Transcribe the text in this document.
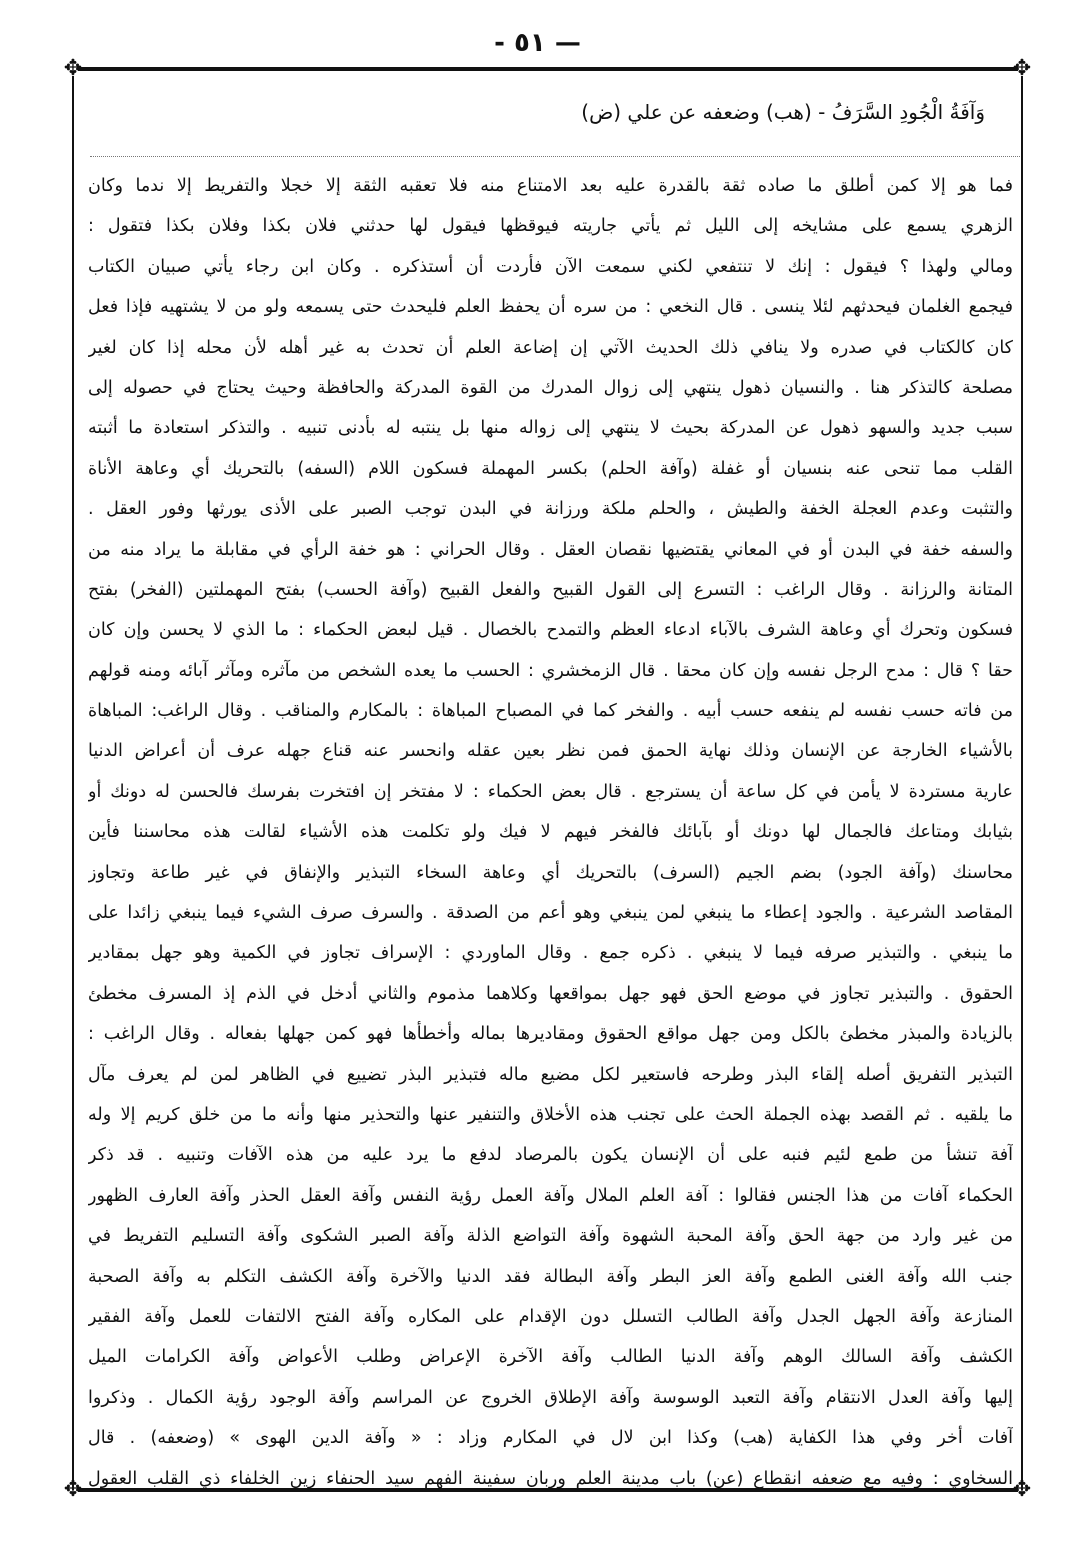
— ٥١ -
✥	✥
✥	✥
وَآفَةُ الْجُودِ السَّرَفُ - (هب) وضعفه عن علي (ض)
فما هو إلا كمن أطلق ما صاده ثقة بالقدرة عليه بعد الامتناع منه فلا تعقبه الثقة إلا خجلا والتفريط إلا ندما وكان
الزهري يسمع على مشايخه إلى الليل ثم يأتي جاريته فيوقظها فيقول لها حدثني فلان بكذا وفلان بكذا فتقول :
ومالي ولهذا ؟ فيقول : إنك لا تنتفعي لكني سمعت الآن فأردت أن أستذكره . وكان ابن رجاء يأتي صبيان الكتاب
فيجمع الغلمان فيحدثهم لئلا ينسى . قال النخعي : من سره أن يحفظ العلم فليحدث حتى يسمعه ولو من لا يشتهيه فإذا فعل
كان كالكتاب في صدره ولا ينافي ذلك الحديث الآتي إن إضاعة العلم أن تحدث به غير أهله لأن محله إذا كان لغير
مصلحة كالتذكر هنا . والنسيان ذهول ينتهي إلى زوال المدرك من القوة المدركة والحافظة وحيث يحتاج في حصوله إلى
سبب جديد والسهو ذهول عن المدركة بحيث لا ينتهي إلى زواله منها بل ينتبه له بأدنى تنبيه . والتذكر استعادة ما أثبته
القلب مما تنحى عنه بنسيان أو غفلة (وآفة الحلم) بكسر المهملة فسكون اللام (السفه) بالتحريك أي وعاهة الأناة
والتثبت وعدم العجلة الخفة والطيش ، والحلم ملكة ورزانة في البدن توجب الصبر على الأذى يورثها وفور العقل .
والسفه خفة في البدن أو في المعاني يقتضيها نقصان العقل . وقال الحراني : هو خفة الرأي في مقابلة ما يراد منه من
المتانة والرزانة . وقال الراغب : التسرع إلى القول القبيح والفعل القبيح (وآفة الحسب) بفتح المهملتين (الفخر) بفتح
فسكون وتحرك أي وعاهة الشرف بالآباء ادعاء العظم والتمدح بالخصال . قيل لبعض الحكماء : ما الذي لا يحسن وإن كان
حقا ؟ قال : مدح الرجل نفسه وإن كان محقا . قال الزمخشري : الحسب ما يعده الشخص من مآثره ومآثر آبائه ومنه قولهم
من فاته حسب نفسه لم ينفعه حسب أبيه . والفخر كما في المصباح المباهاة : بالمكارم والمناقب . وقال الراغب: المباهاة
بالأشياء الخارجة عن الإنسان وذلك نهاية الحمق فمن نظر بعين عقله وانحسر عنه قناع جهله عرف أن أعراض الدنيا
عارية مستردة لا يأمن في كل ساعة أن يسترجع . قال بعض الحكماء : لا مفتخر إن افتخرت بفرسك فالحسن له دونك أو
بثيابك ومتاعك فالجمال لها دونك أو بآبائك فالفخر فيهم لا فيك ولو تكلمت هذه الأشياء لقالت هذه محاسننا فأين
محاسنك (وآفة الجود) بضم الجيم (السرف) بالتحريك أي وعاهة السخاء التبذير والإنفاق في غير طاعة وتجاوز
المقاصد الشرعية . والجود إعطاء ما ينبغي لمن ينبغي وهو أعم من الصدقة . والسرف صرف الشيء فيما ينبغي زائدا على
ما ينبغي . والتبذير صرفه فيما لا ينبغي . ذكره جمع . وقال الماوردي : الإسراف تجاوز في الكمية وهو جهل بمقادير
الحقوق . والتبذير تجاوز في موضع الحق فهو جهل بمواقعها وكلاهما مذموم والثاني أدخل في الذم إذ المسرف مخطئ
بالزيادة والمبذر مخطئ بالكل ومن جهل مواقع الحقوق ومقاديرها بماله وأخطأها فهو كمن جهلها بفعاله . وقال الراغب :
التبذير التفريق أصله إلقاء البذر وطرحه فاستعير لكل مضيع ماله فتبذير البذر تضييع في الظاهر لمن لم يعرف مآل
ما يلقيه . ثم القصد بهذه الجملة الحث على تجنب هذه الأخلاق والتنفير عنها والتحذير منها وأنه ما من خلق كريم إلا وله
آفة تنشأ من طمع لئيم فنبه على أن الإنسان يكون بالمرصاد لدفع ما يرد عليه من هذه الآفات وتنبيه . قد ذكر
الحكماء آفات من هذا الجنس فقالوا : آفة العلم الملال وآفة العمل رؤية النفس وآفة العقل الحذر وآفة العارف الظهور
من غير وارد من جهة الحق وآفة المحبة الشهوة وآفة التواضع الذلة وآفة الصبر الشكوى وآفة التسليم التفريط في
جنب الله وآفة الغنى الطمع وآفة العز البطر وآفة البطالة فقد الدنيا والآخرة وآفة الكشف التكلم به وآفة الصحبة
المنازعة وآفة الجهل الجدل وآفة الطالب التسلل دون الإقدام على المكاره وآفة الفتح الالتفات للعمل وآفة الفقير
الكشف وآفة السالك الوهم وآفة الدنيا الطالب وآفة الآخرة الإعراض وطلب الأعواض وآفة الكرامات الميل
إليها وآفة العدل الانتقام وآفة التعبد الوسوسة وآفة الإطلاق الخروج عن المراسم وآفة الوجود رؤية الكمال . وذكروا
آفات أخر وفي هذا الكفاية (هب) وكذا ابن لال في المكارم وزاد : « وآفة الدين الهوى » (وضعفه) . قال
السخاوي : وفيه مع ضعفه انقطاع (عن) باب مدينة العلم وربان سفينة الفهم سيد الحنفاء زين الخلفاء ذي القلب العقول
